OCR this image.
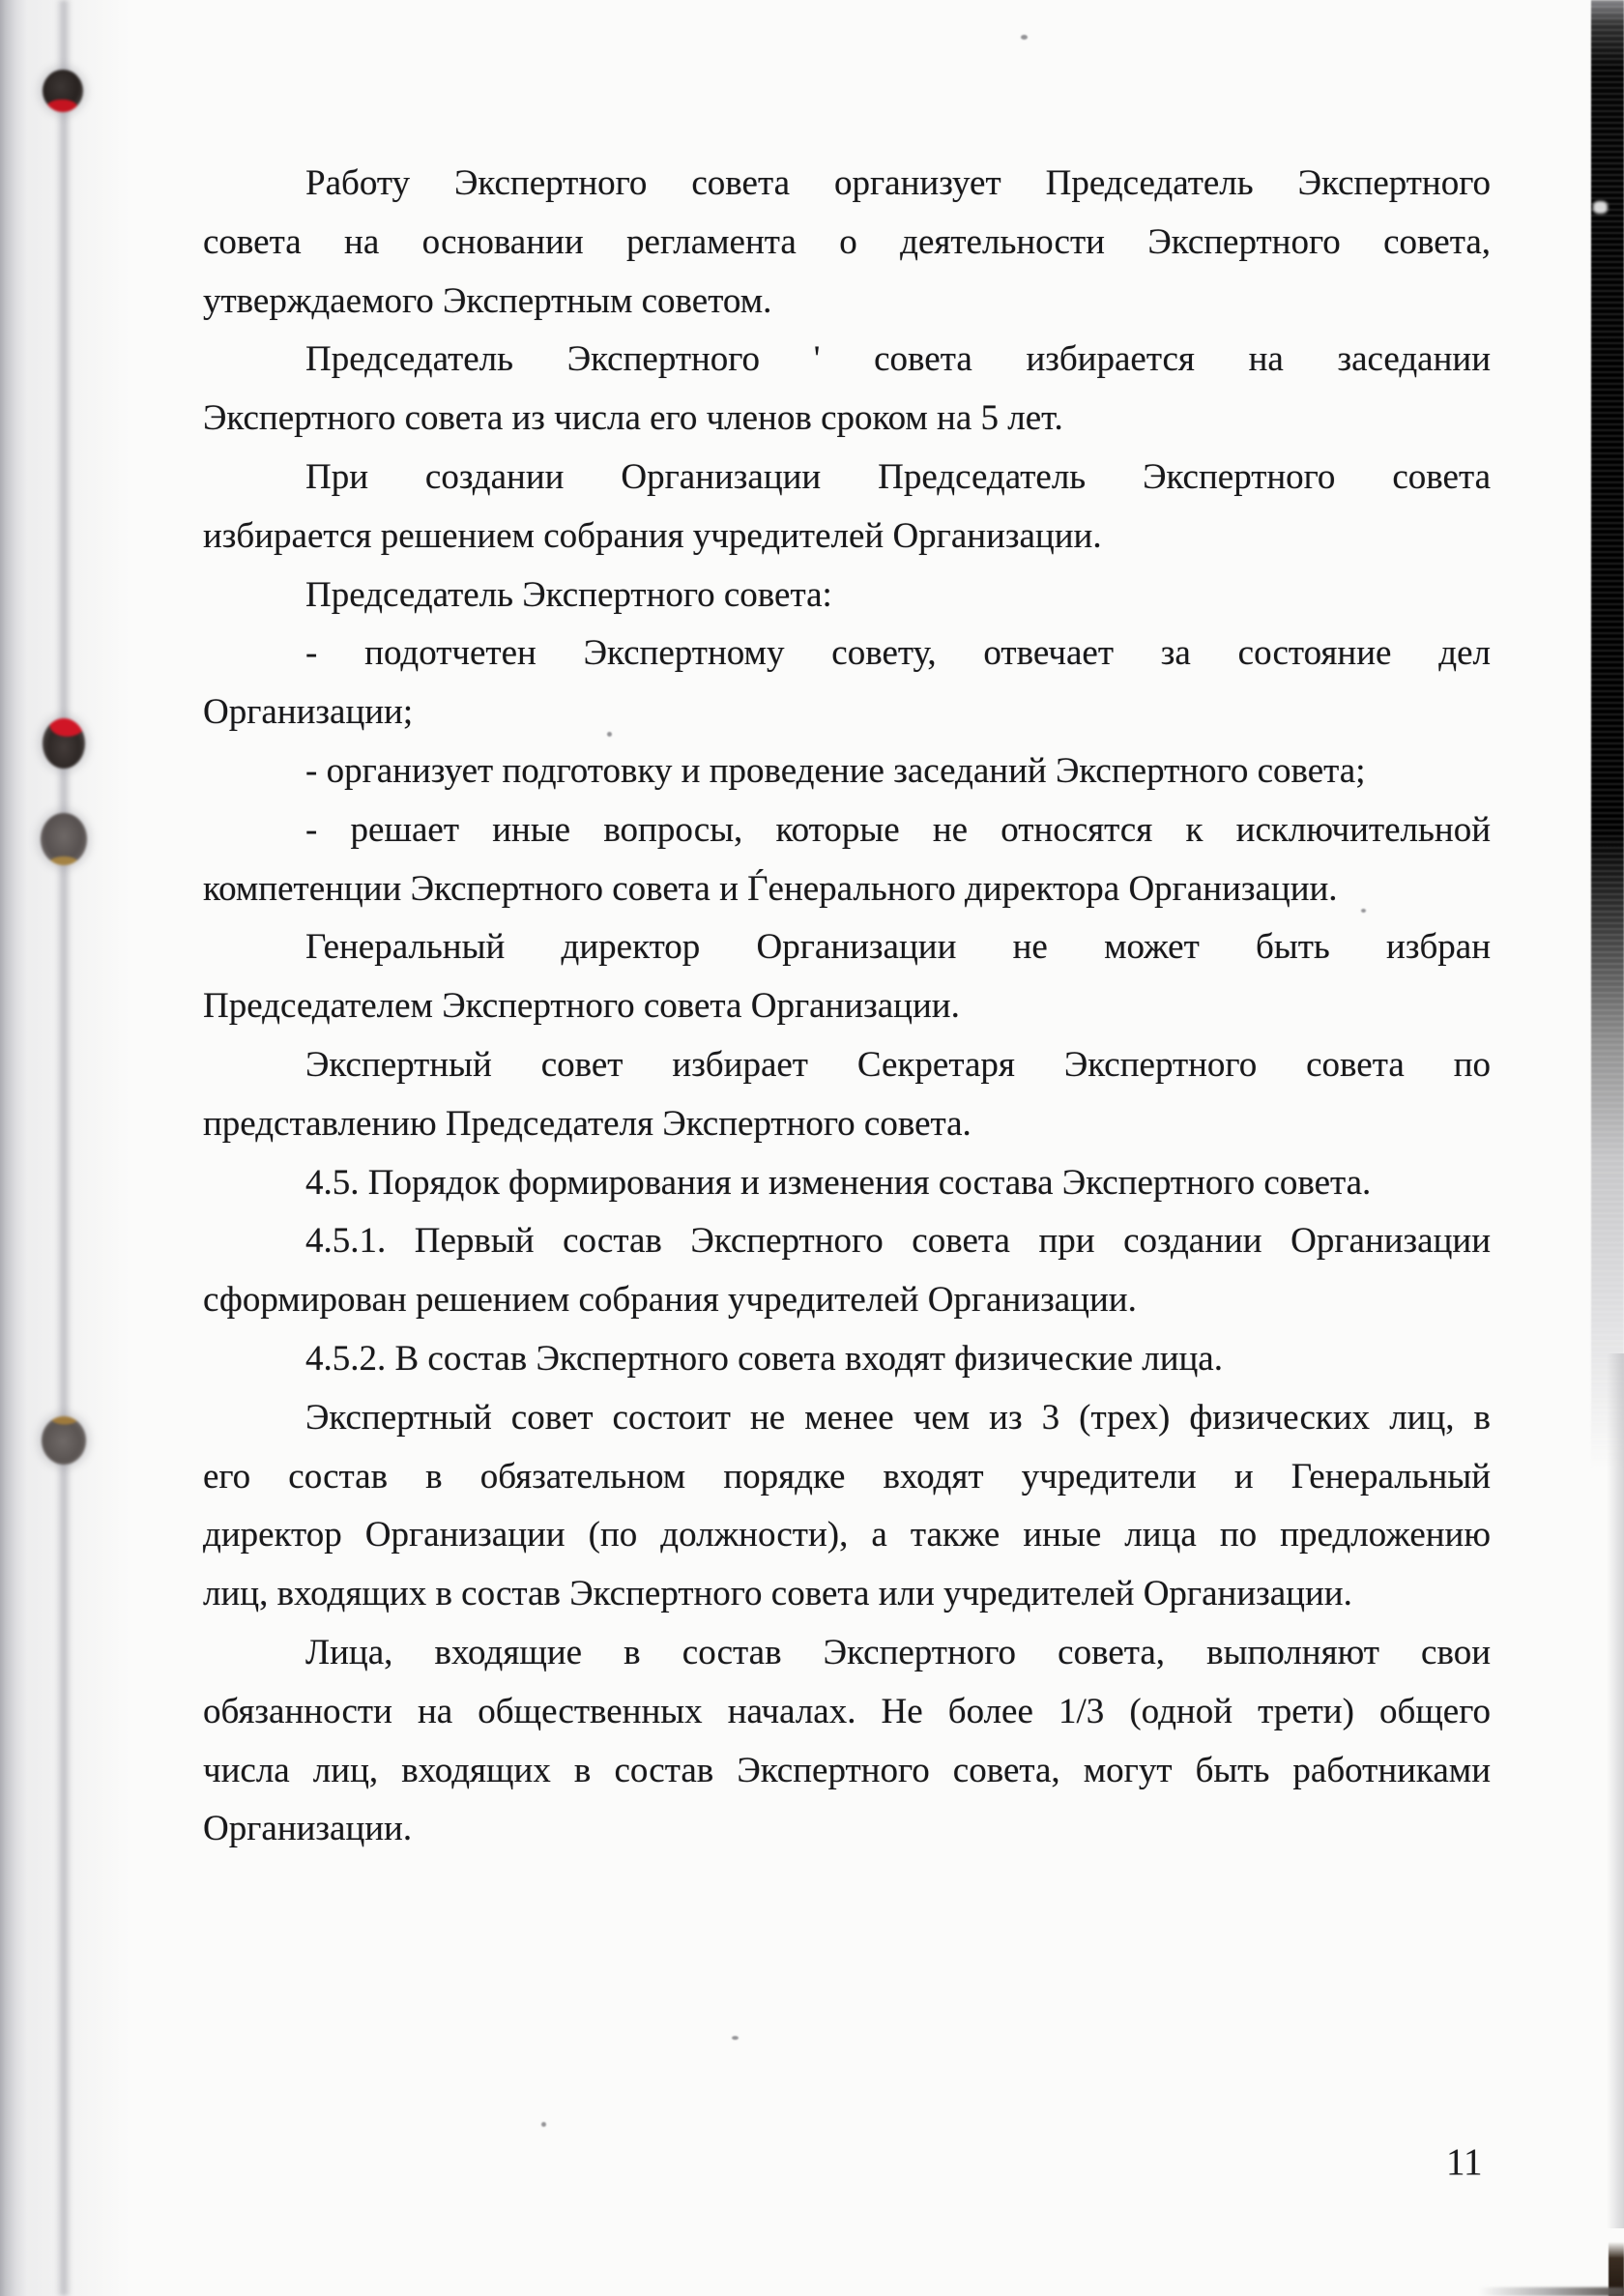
Работу Экспертного совета организует Председатель Экспертного
совета на основании регламента о деятельности Экспертного совета,
утверждаемого Экспертным советом.
Председатель Экспертного ' совета избирается на заседании
Экспертного совета из числа его членов сроком на 5 лет.
При создании Организации Председатель Экспертного совета
избирается решением собрания учредителей Организации.
Председатель Экспертного совета:
- подотчетен Экспертному совету, отвечает за состояние дел
Организации;
- организует подготовку и проведение заседаний Экспертного совета;
- решает иные вопросы, которые не относятся к исключительной
компетенции Экспертного совета и Ѓенерального директора Организации.
Генеральный директор Организации не может быть избран
Председателем Экспертного совета Организации.
Экспертный совет избирает Секретаря Экспертного совета по
представлению Председателя Экспертного совета.
4.5. Порядок формирования и изменения состава Экспертного совета.
4.5.1. Первый состав Экспертного совета при создании Организации
сформирован решением собрания учредителей Организации.
4.5.2. В состав Экспертного совета входят физические лица.
Экспертный совет состоит не менее чем из 3 (трех) физических лиц, в
его состав в обязательном порядке входят учредители и Генеральный
директор Организации (по должности), а также иные лица по предложению
лиц, входящих в состав Экспертного совета или учредителей Организации.
Лица, входящие в состав Экспертного совета, выполняют свои
обязанности на общественных началах. Не более 1/3 (одной трети) общего
числа лиц, входящих в состав Экспертного совета, могут быть работниками
Организации.
11
